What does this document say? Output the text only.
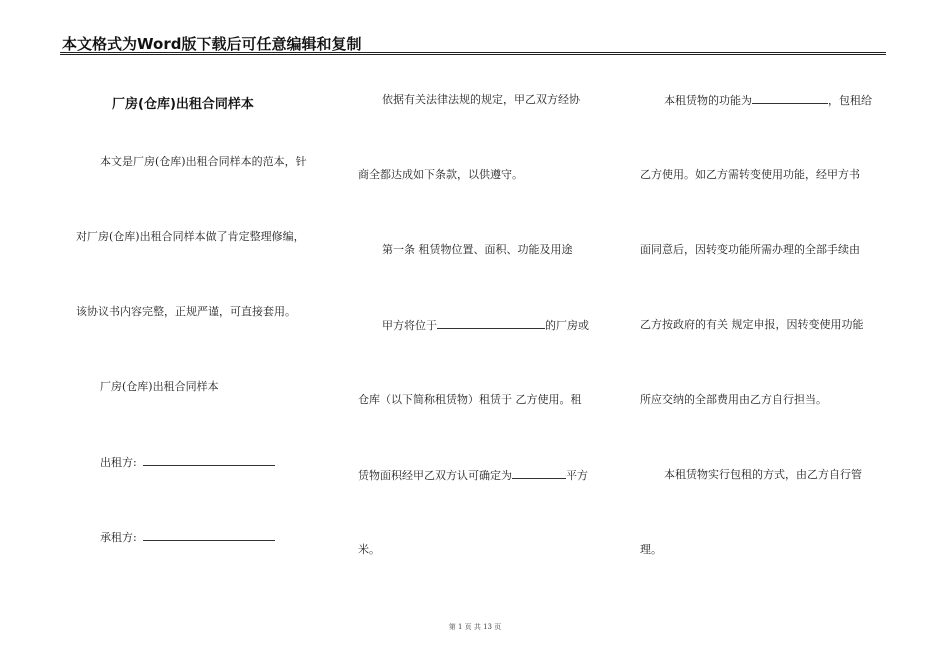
本文格式为Word版下载后可任意编辑和复制
厂房(仓库)出租合同样本
本文是厂房(仓库)出租合同样本的范本，针
对厂房(仓库)出租合同样本做了肯定整理修编，
该协议书内容完整，正规严谨，可直接套用。
厂房(仓库)出租合同样本
出租方:
承租方:
依据有关法律法规的规定，甲乙双方经协
商全都达成如下条款，以供遵守。
第一条 租赁物位置、面积、功能及用途
甲方将位于	的厂房或
仓库（以下简称租赁物）租赁于 乙方使用。租
赁物面积经甲乙双方认可确定为	平方
米。
本租赁物的功能为	，包租给
乙方使用。如乙方需转变使用功能，经甲方书
面同意后，因转变功能所需办理的全部手续由
乙方按政府的有关 规定申报，因转变使用功能
所应交纳的全部费用由乙方自行担当。
本租赁物实行包租的方式，由乙方自行管
理。
第 1 页 共 13 页
